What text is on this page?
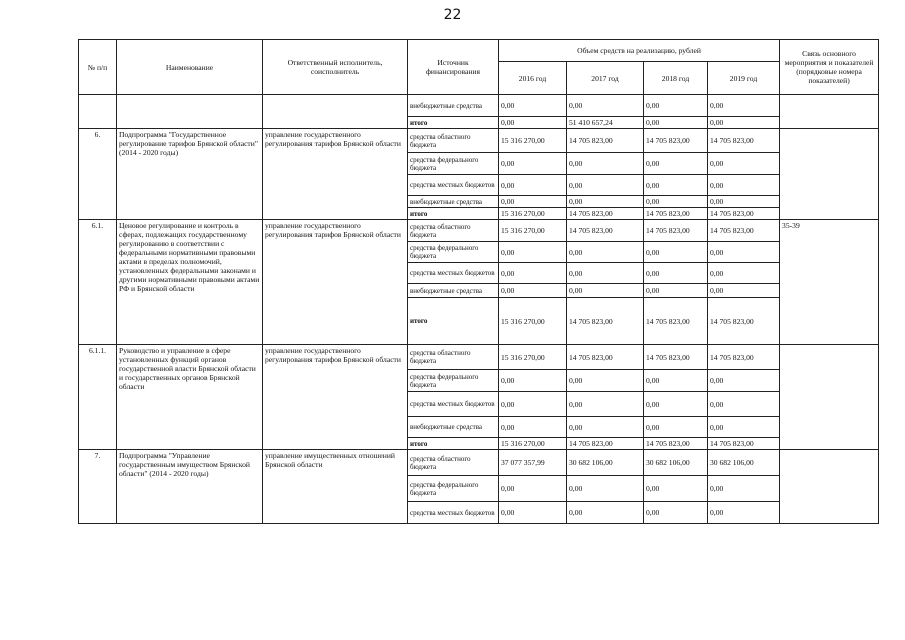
22
№ п/п	Наименование	Ответственный исполнитель, соисполнитель	Источник финансирования	Объем средств на реализацию, рублей				Связь основного мероприятия и показателей (порядковые номера показателей)
				2016 год	2017 год	2018 год	2019 год	
			внебюджетные средства	0,00	0,00	0,00	0,00	
			итого	0,00	51 410 657,24	0,00	0,00	
6.	Подпрограмма "Государственное регулирование тарифов Брянской области" (2014 - 2020 годы)	управление государственного регулирования тарифов Брянской области	средства областного бюджета	15 316 270,00	14 705 823,00	14 705 823,00	14 705 823,00	
			средства федерального бюджета	0,00	0,00	0,00	0,00	
			средства местных бюджетов	0,00	0,00	0,00	0,00	
			внебюджетные средства	0,00	0,00	0,00	0,00	
			итого	15 316 270,00	14 705 823,00	14 705 823,00	14 705 823,00	
6.1.	Ценовое регулирование и контроль в сферах, подлежащих государственному регулированию в соответствии с федеральными нормативными правовыми актами в пределах полномочий, установленных федеральными законами и другими нормативными правовыми актами РФ и Брянской области	управление государственного регулирования тарифов Брянской области	средства областного бюджета	15 316 270,00	14 705 823,00	14 705 823,00	14 705 823,00	35-39
			средства федерального бюджета	0,00	0,00	0,00	0,00	
			средства местных бюджетов	0,00	0,00	0,00	0,00	
			внебюджетные средства	0,00	0,00	0,00	0,00	
			итого	15 316 270,00	14 705 823,00	14 705 823,00	14 705 823,00	
6.1.1.	Руководство и управление в сфере установленных функций органов государственной власти Брянской области и государственных органов Брянской области	управление государственного регулирования тарифов Брянской области	средства областного бюджета	15 316 270,00	14 705 823,00	14 705 823,00	14 705 823,00	
			средства федерального бюджета	0,00	0,00	0,00	0,00	
			средства местных бюджетов	0,00	0,00	0,00	0,00	
			внебюджетные средства	0,00	0,00	0,00	0,00	
			итого	15 316 270,00	14 705 823,00	14 705 823,00	14 705 823,00	
7.	Подпрограмма "Управление государственным имуществом Брянской области" (2014 - 2020 годы)	управление имущественных отношений Брянской области	средства областного бюджета	37 077 357,99	30 682 106,00	30 682 106,00	30 682 106,00	
			средства федерального бюджета	0,00	0,00	0,00	0,00	
			средства местных бюджетов	0,00	0,00	0,00	0,00	
